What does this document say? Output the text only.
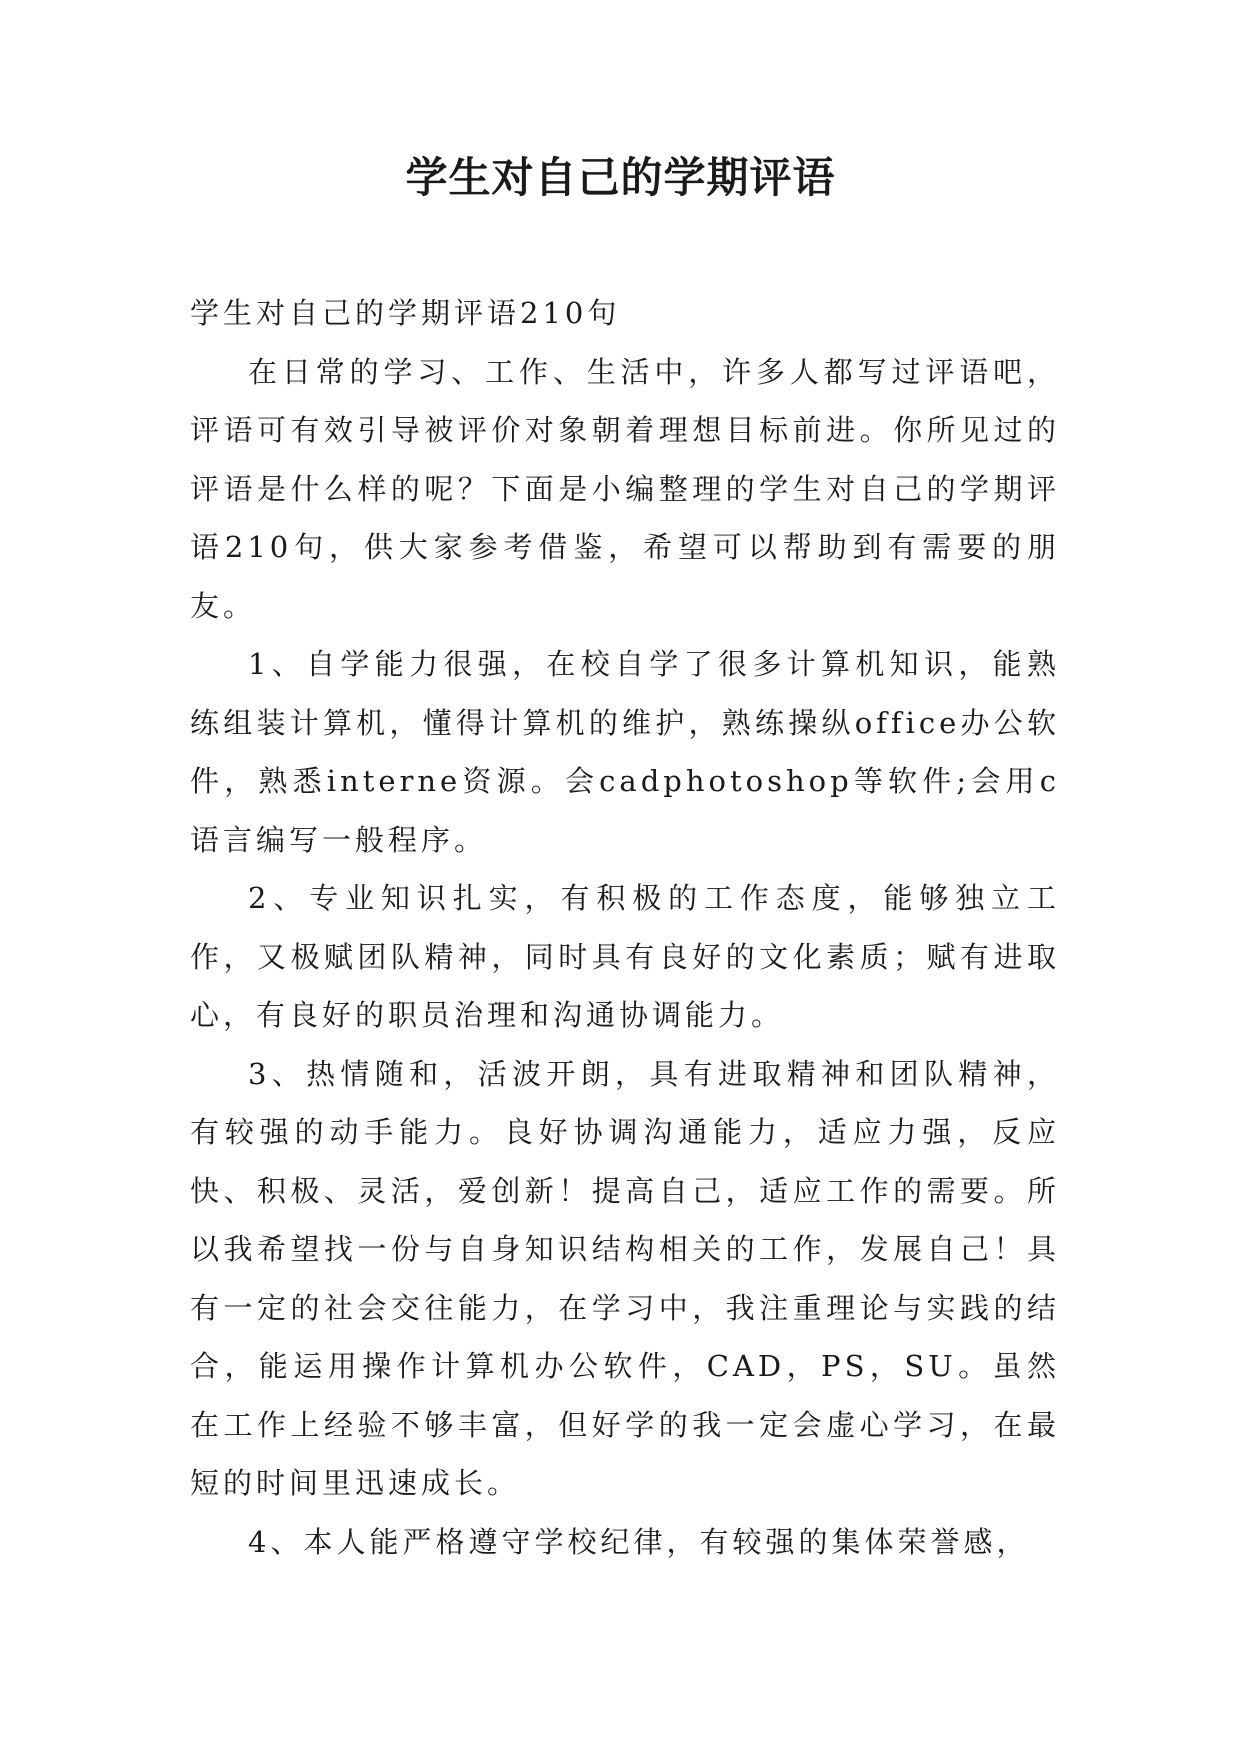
学生对自己的学期评语

学生对自己的学期评语210句

在日常的学习、工作、生活中，许多人都写过评语吧，评语可有效引导被评价对象朝着理想目标前进。你所见过的评语是什么样的呢？下面是小编整理的学生对自己的学期评语210句，供大家参考借鉴，希望可以帮助到有需要的朋友。

1、自学能力很强，在校自学了很多计算机知识，能熟练组装计算机，懂得计算机的维护，熟练操纵office办公软件，熟悉interne资源。会cadphotoshop等软件;会用c语言编写一般程序。

2、专业知识扎实，有积极的工作态度，能够独立工作，又极赋团队精神，同时具有良好的文化素质；赋有进取心，有良好的职员治理和沟通协调能力。

3、热情随和，活波开朗，具有进取精神和团队精神，有较强的动手能力。良好协调沟通能力，适应力强，反应快、积极、灵活，爱创新！提高自己，适应工作的需要。所以我希望找一份与自身知识结构相关的工作，发展自己！具有一定的社会交往能力，在学习中，我注重理论与实践的结合，能运用操作计算机办公软件，CAD，PS，SU。虽然在工作上经验不够丰富，但好学的我一定会虚心学习，在最短的时间里迅速成长。

4、本人能严格遵守学校纪律，有较强的集体荣誉感，
